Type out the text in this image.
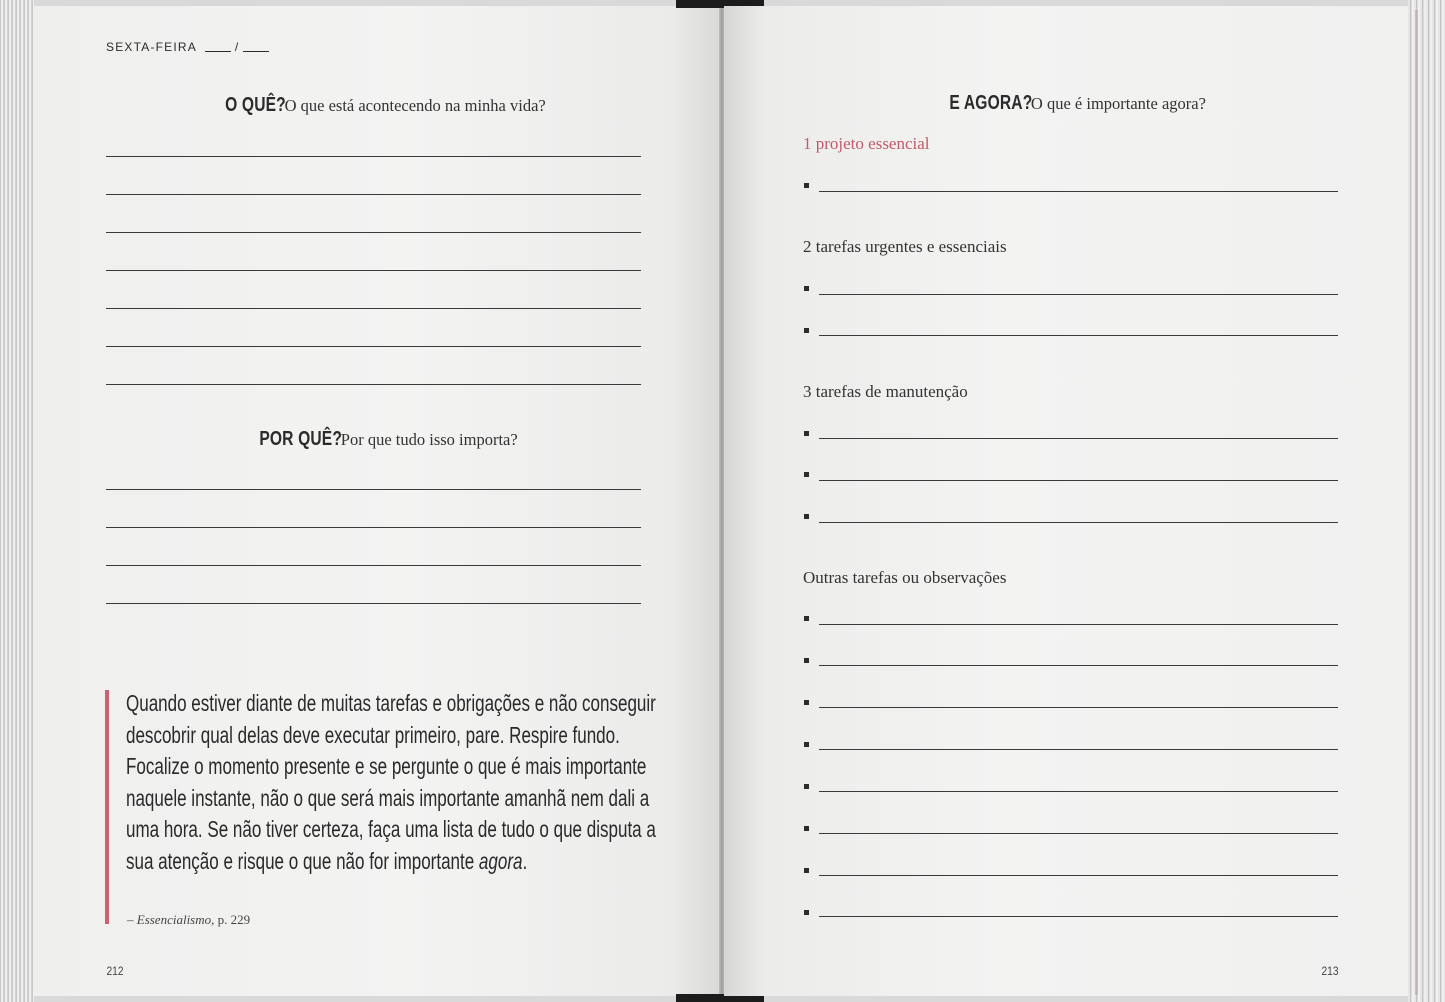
SEXTA-FEIRA	/
O QUÊ? O que está acontecendo na minha vida?
POR QUÊ? Por que tudo isso importa?
Quando estiver diante de muitas tarefas e obrigações e não conseguir descobrir qual delas deve executar primeiro, pare. Respire fundo. Focalize o momento presente e se pergunte o que é mais importante naquele instante, não o que será mais importante amanhã nem dali a uma hora. Se não tiver certeza, faça uma lista de tudo o que disputa a sua atenção e risque o que não for importante agora.
– Essencialismo, p. 229
212
E AGORA? O que é importante agora?
1 projeto essencial
2 tarefas urgentes e essenciais
3 tarefas de manutenção
Outras tarefas ou observações
213
